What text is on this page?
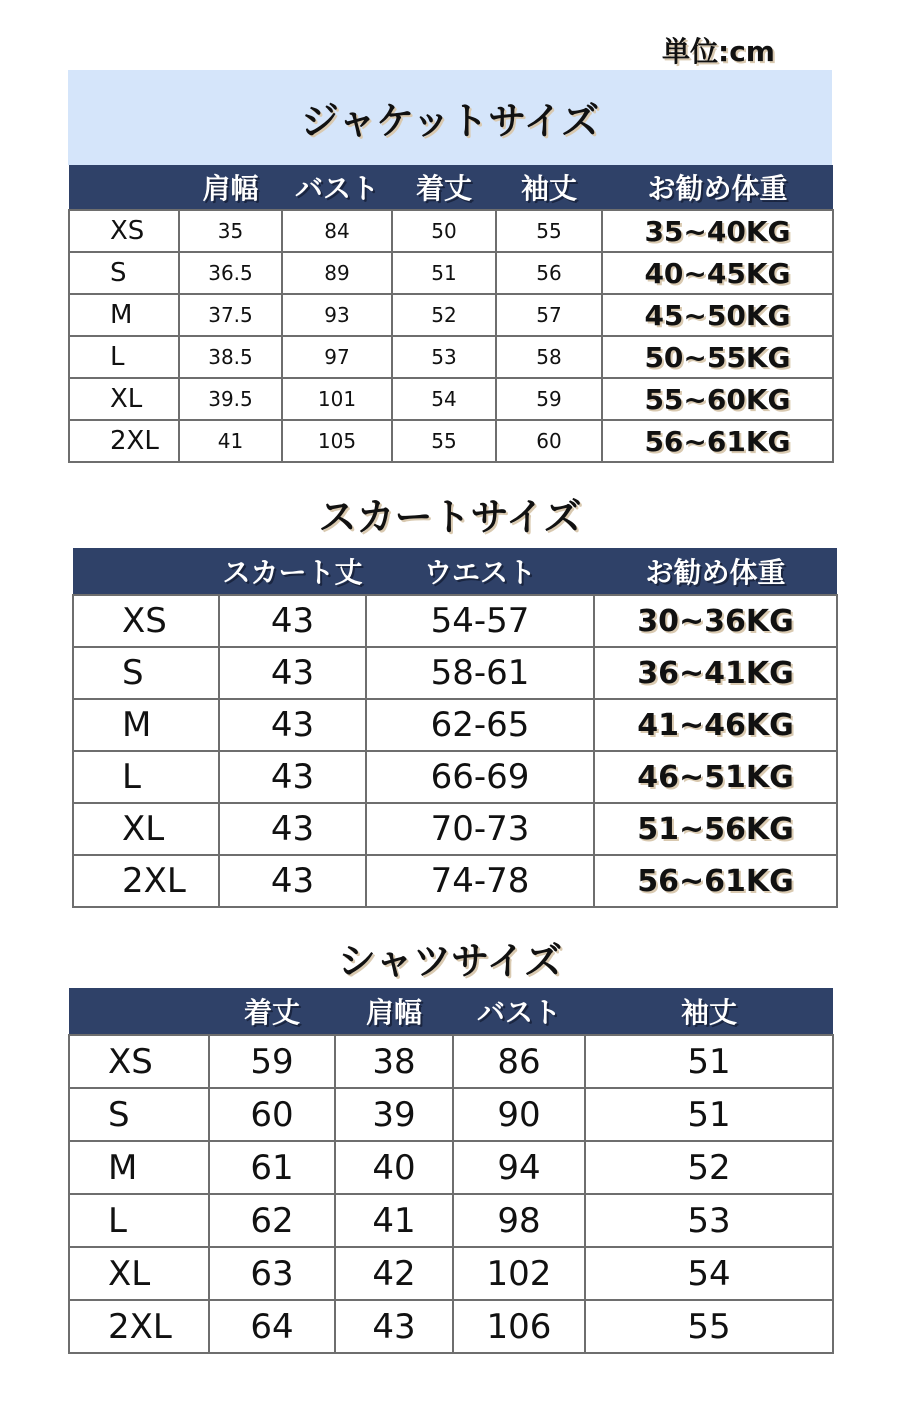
単位:cm
ジャケットサイズ
	肩幅	バスト	着丈	袖丈	お勧め体重
XS	35	84	50	55	35~40KG
S	36.5	89	51	56	40~45KG
M	37.5	93	52	57	45~50KG
L	38.5	97	53	58	50~55KG
XL	39.5	101	54	59	55~60KG
2XL	41	105	55	60	56~61KG
スカートサイズ
	スカート丈	ウエスト	お勧め体重
XS	43	54-57	30~36KG
S	43	58-61	36~41KG
M	43	62-65	41~46KG
L	43	66-69	46~51KG
XL	43	70-73	51~56KG
2XL	43	74-78	56~61KG
シャツサイズ
	着丈	肩幅	バスト	袖丈
XS	59	38	86	51
S	60	39	90	51
M	61	40	94	52
L	62	41	98	53
XL	63	42	102	54
2XL	64	43	106	55
